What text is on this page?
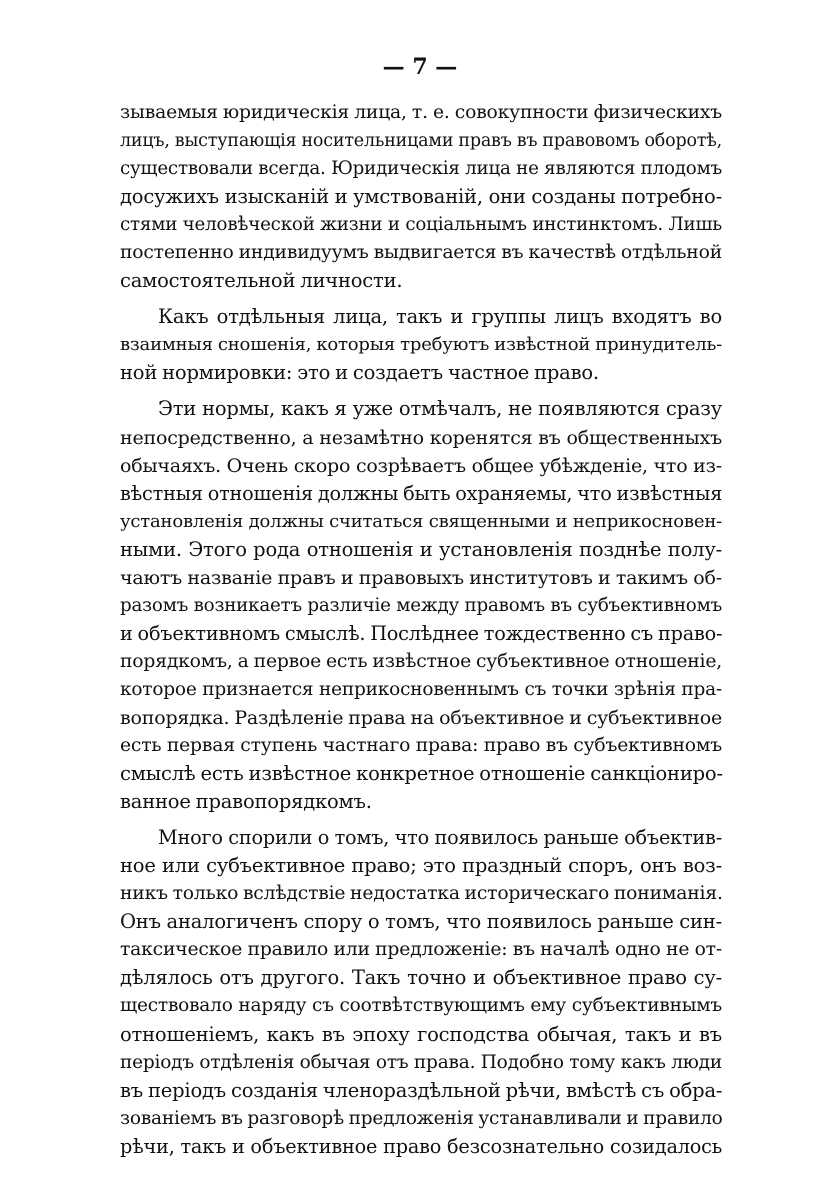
— 7 —
зываемыя юридическія лица, т. е. совокупности физическихъ
лицъ, выступающія носительницами правъ въ правовомъ оборотѣ,
существовали всегда. Юридическія лица не являются плодомъ
досужихъ изысканій и умствованій, они созданы потребно-
стями человѣческой жизни и соціальнымъ инстинктомъ. Лишь
постепенно индивидуумъ выдвигается въ качествѣ отдѣльной
самостоятельной личности.
Какъ отдѣльныя лица, такъ и группы лицъ входятъ во
взаимныя сношенія, которыя требуютъ извѣстной принудитель-
ной нормировки: это и создаетъ частное право.
Эти нормы, какъ я уже отмѣчалъ, не появляются сразу
непосредственно, а незамѣтно коренятся въ общественныхъ
обычаяхъ. Очень скоро созрѣваетъ общее убѣжденіе, что из-
вѣстныя отношенія должны быть охраняемы, что извѣстныя
установленія должны считаться священными и неприкосновен-
ными. Этого рода отношенія и установленія позднѣе полу-
чаютъ названіе правъ и правовыхъ институтовъ и такимъ об-
разомъ возникаетъ различіе между правомъ въ субъективномъ
и объективномъ смыслѣ. Послѣднее тождественно съ право-
порядкомъ, а первое есть извѣстное субъективное отношеніе,
которое признается неприкосновеннымъ съ точки зрѣнія пра-
вопорядка. Раздѣленіе права на объективное и субъективное
есть первая ступень частнаго права: право въ субъективномъ
смыслѣ есть извѣстное конкретное отношеніе санкціониро-
ванное правопорядкомъ.
Много спорили о томъ, что появилось раньше объектив-
ное или субъективное право; это праздный споръ, онъ воз-
никъ только вслѣдствіе недостатка историческаго пониманія.
Онъ аналогиченъ спору о томъ, что появилось раньше син-
таксическое правило или предложеніе: въ началѣ одно не от-
дѣлялось отъ другого. Такъ точно и объективное право су-
ществовало наряду съ соотвѣтствующимъ ему субъективнымъ
отношеніемъ, какъ въ эпоху господства обычая, такъ и въ
періодъ отдѣленія обычая отъ права. Подобно тому какъ люди
въ періодъ созданія членораздѣльной рѣчи, вмѣстѣ съ обра-
зованіемъ въ разговорѣ предложенія устанавливали и правило
рѣчи, такъ и объективное право безсознательно созидалось
